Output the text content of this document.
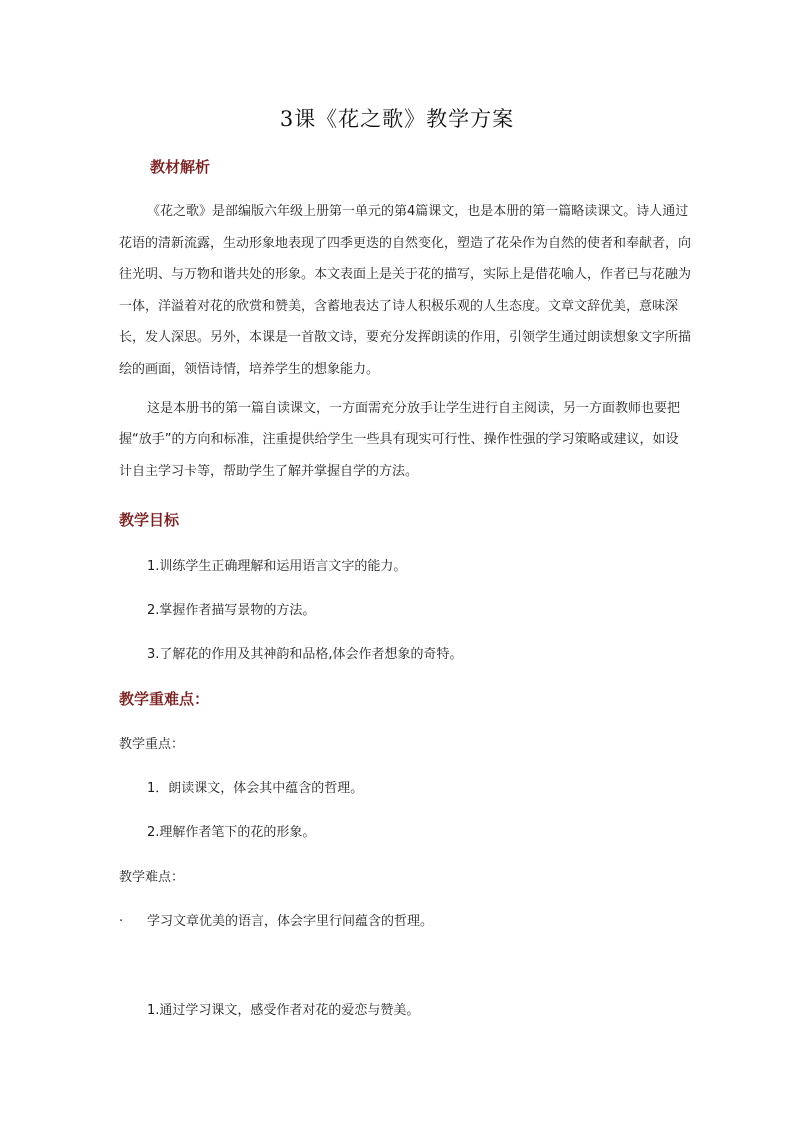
3课《花之歌》教学方案
教材解析

《花之歌》是部编版六年级上册第一单元的第4篇课文，也是本册的第一篇略读课文。诗人通过花语的清新流露，生动形象地表现了四季更迭的自然变化，塑造了花朵作为自然的使者和奉献者，向往光明、与万物和谐共处的形象。本文表面上是关于花的描写，实际上是借花喻人，作者已与花融为一体，洋溢着对花的欣赏和赞美，含蓄地表达了诗人积极乐观的人生态度。文章文辞优美，意味深长，发人深思。另外，本课是一首散文诗，要充分发挥朗读的作用，引领学生通过朗读想象文字所描绘的画面，领悟诗情，培养学生的想象能力。

这是本册书的第一篇自读课文，一方面需充分放手让学生进行自主阅读，另一方面教师也要把握“放手”的方向和标准，注重提供给学生一些具有现实可行性、操作性强的学习策略或建议，如设计自主学习卡等，帮助学生了解并掌握自学的方法。

教学目标
1.训练学生正确理解和运用语言文字的能力。
2.掌握作者描写景物的方法。
3.了解花的作用及其神韵和品格,体会作者想象的奇特。
教学重难点：
教学重点：
1．朗读课文，体会其中蕴含的哲理。
2.理解作者笔下的花的形象。
教学难点：
. 学习文章优美的语言，体会字里行间蕴含的哲理。
1.通过学习课文，感受作者对花的爱恋与赞美。
